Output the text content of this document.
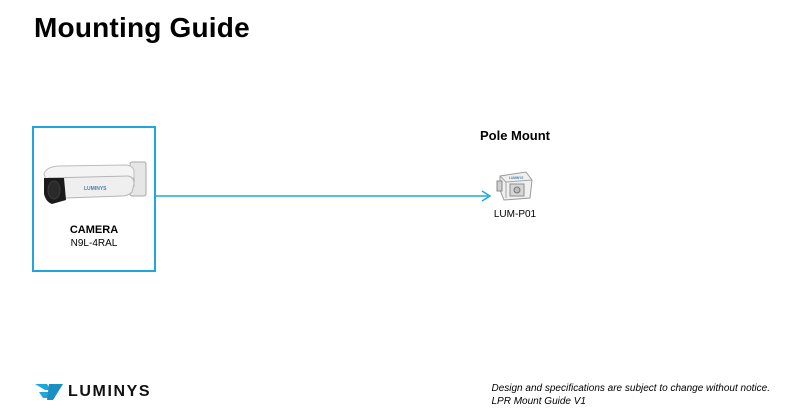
Mounting Guide
LUMINYS
CAMERA
N9L-4RAL
Pole Mount
LUMINYS
LUM-P01
LUMINYS	Design and specifications are subject to change without notice.
LPR Mount Guide V1
